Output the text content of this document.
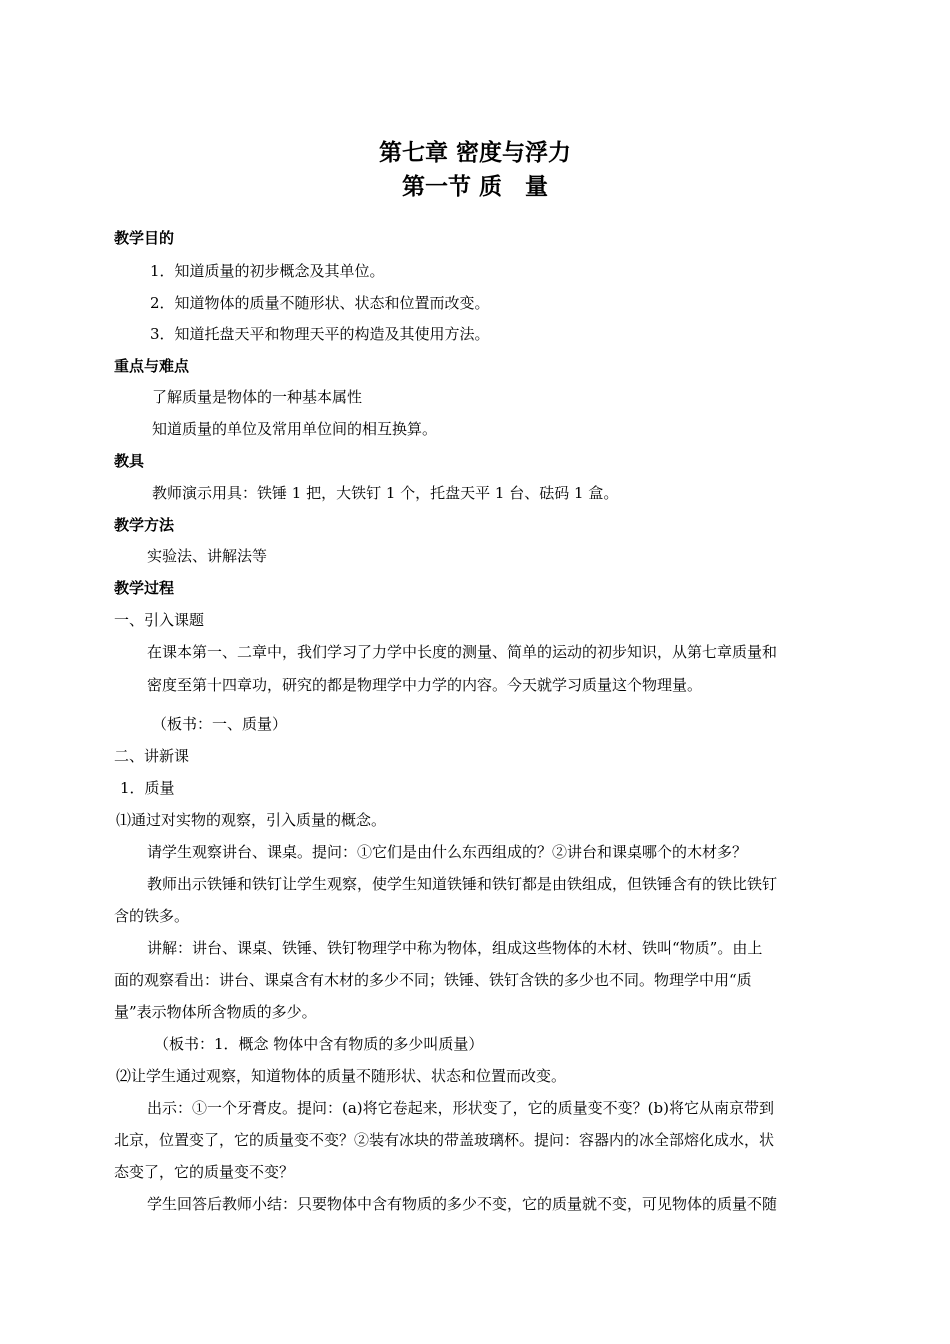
第七章 密度与浮力
第一节 质　量
教学目的
1．知道质量的初步概念及其单位。
2．知道物体的质量不随形状、状态和位置而改变。
3．知道托盘天平和物理天平的构造及其使用方法。
重点与难点
了解质量是物体的一种基本属性
知道质量的单位及常用单位间的相互换算。
教具
教师演示用具：铁锤 1 把，大铁钉 1 个，托盘天平 1 台、砝码 1 盒。
教学方法
实验法、讲解法等
教学过程
一、引入课题
在课本第一、二章中，我们学习了力学中长度的测量、简单的运动的初步知识，从第七章质量和
密度至第十四章功，研究的都是物理学中力学的内容。今天就学习质量这个物理量。
（板书：一、质量）
二、讲新课
1．质量
⑴通过对实物的观察，引入质量的概念。
请学生观察讲台、课桌。提问：①它们是由什么东西组成的？②讲台和课桌哪个的木材多？
教师出示铁锤和铁钉让学生观察，使学生知道铁锤和铁钉都是由铁组成，但铁锤含有的铁比铁钉
含的铁多。
讲解：讲台、课桌、铁锤、铁钉物理学中称为物体，组成这些物体的木材、铁叫“物质”。由上
面的观察看出：讲台、课桌含有木材的多少不同；铁锤、铁钉含铁的多少也不同。物理学中用“质
量”表示物体所含物质的多少。
（板书：1．概念 物体中含有物质的多少叫质量）
⑵让学生通过观察，知道物体的质量不随形状、状态和位置而改变。
出示：①一个牙膏皮。提问：(a)将它卷起来，形状变了，它的质量变不变？(b)将它从南京带到
北京，位置变了，它的质量变不变？②装有冰块的带盖玻璃杯。提问：容器内的冰全部熔化成水，状
态变了，它的质量变不变？
学生回答后教师小结：只要物体中含有物质的多少不变，它的质量就不变，可见物体的质量不随
